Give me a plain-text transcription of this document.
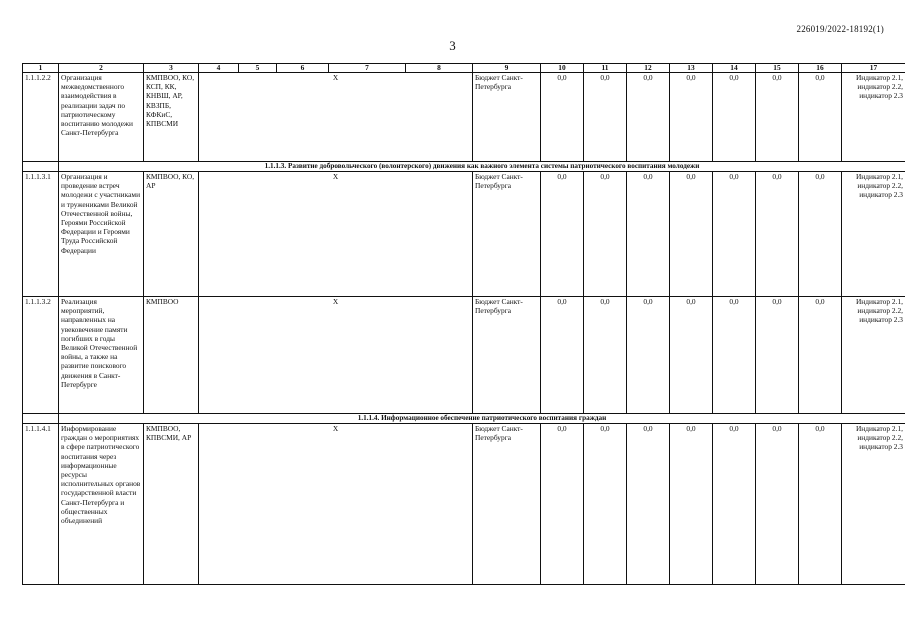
226019/2022-18192(1)
3
1	2	3	4	5	6	7	8	9	10	11	12	13	14	15	16	17
1.1.1.2.2	Организация межведомственного взаимодействия в реализации задач по патриотическому воспитанию молодежи Санкт-Петербурга	КМПВОО, КО, КСП, КК, КНВШ, АР, КВЗПБ, КФКиС, КПВСМИ	X					Бюджет Санкт-Петербурга	0,0	0,0	0,0	0,0	0,0	0,0	0,0	Индикатор 2.1, индикатор 2.2, индикатор 2.3
	1.1.1.3. Развитие добровольческого (волонтерского) движения как важного элемента системы патриотического воспитания молодежи															
1.1.1.3.1	Организация и проведение встреч молодежи с участниками и тружениками Великой Отечественной войны, Героями Российской Федерации и Героями Труда Российской Федерации	КМПВОО, КО, АР	X					Бюджет Санкт-Петербурга	0,0	0,0	0,0	0,0	0,0	0,0	0,0	Индикатор 2.1, индикатор 2.2, индикатор 2.3
1.1.1.3.2	Реализация мероприятий, направленных на увековечение памяти погибших в годы Великой Отечественной войны, а также на развитие поискового движения в Санкт-Петербурге	КМПВОО	X					Бюджет Санкт-Петербурга	0,0	0,0	0,0	0,0	0,0	0,0	0,0	Индикатор 2.1, индикатор 2.2, индикатор 2.3
	1.1.1.4. Информационное обеспечение патриотического воспитания граждан															
1.1.1.4.1	Информирование граждан о мероприятиях в сфере патриотического воспитания через информационные ресурсы исполнительных органов государственной власти Санкт-Петербурга и общественных объединений	КМПВОО, КПВСМИ, АР	X					Бюджет Санкт-Петербурга	0,0	0,0	0,0	0,0	0,0	0,0	0,0	Индикатор 2.1, индикатор 2.2, индикатор 2.3
